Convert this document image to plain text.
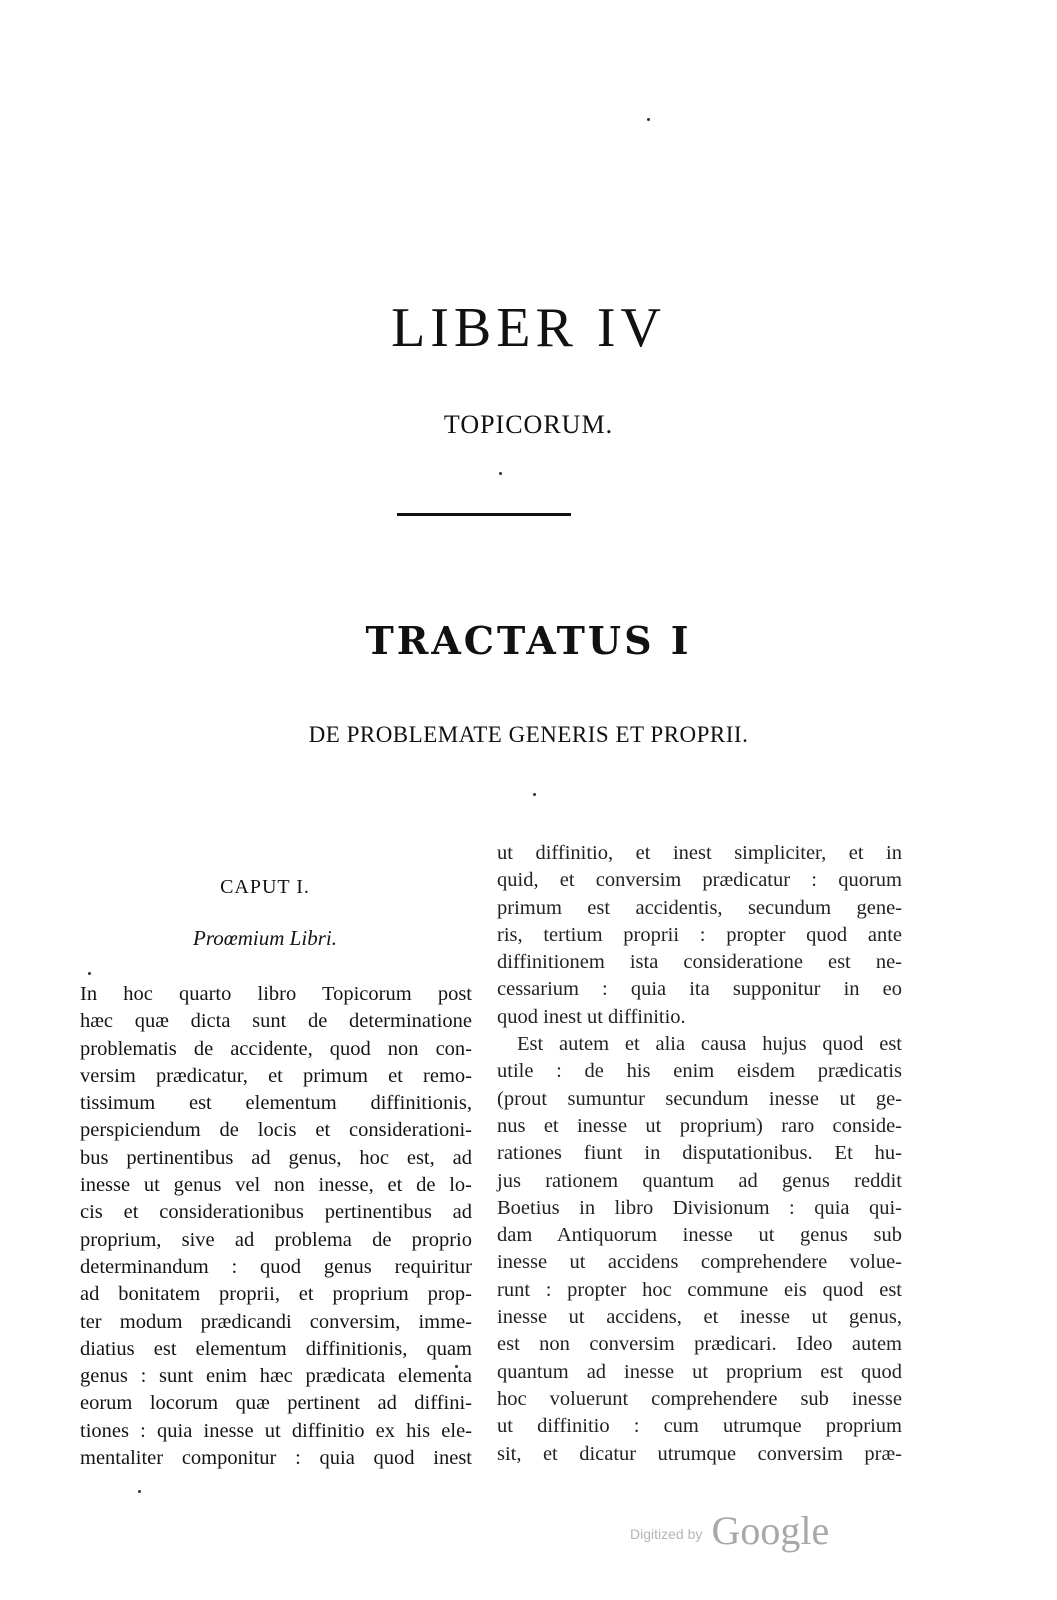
LIBER IV
TOPICORUM.
TRACTATUS I
DE PROBLEMATE GENERIS ET PROPRII.
CAPUT I.
Proœmium Libri.
In hoc quarto libro Topicorum post
hæc quæ dicta sunt de determinatione
problematis de accidente, quod non con-
versim prædicatur, et primum et remo-
tissimum est elementum diffinitionis,
perspiciendum de locis et considerationi-
bus pertinentibus ad genus, hoc est, ad
inesse ut genus vel non inesse, et de lo-
cis et considerationibus pertinentibus ad
proprium, sive ad problema de proprio
determinandum : quod genus requiritur
ad bonitatem proprii, et proprium prop-
ter modum prædicandi conversim, imme-
diatius est elementum diffinitionis, quam
genus : sunt enim hæc prædicata elementa
eorum locorum quæ pertinent ad diffini-
tiones : quia inesse ut diffinitio ex his ele-
mentaliter componitur : quia quod inest
ut diffinitio, et inest simpliciter, et in
quid, et conversim prædicatur : quorum
primum est accidentis, secundum gene-
ris, tertium proprii : propter quod ante
diffinitionem ista consideratione est ne-
cessarium : quia ita supponitur in eo
quod inest ut diffinitio.
Est autem et alia causa hujus quod est
utile : de his enim eisdem prædicatis
(prout sumuntur secundum inesse ut ge-
nus et inesse ut proprium) raro conside-
rationes fiunt in disputationibus. Et hu-
jus rationem quantum ad genus reddit
Boetius in libro Divisionum : quia qui-
dam Antiquorum inesse ut genus sub
inesse ut accidens comprehendere volue-
runt : propter hoc commune eis quod est
inesse ut accidens, et inesse ut genus,
est non conversim prædicari. Ideo autem
quantum ad inesse ut proprium est quod
hoc voluerunt comprehendere sub inesse
ut diffinitio : cum utrumque proprium
sit, et dicatur utrumque conversim præ-
Digitized by Google
